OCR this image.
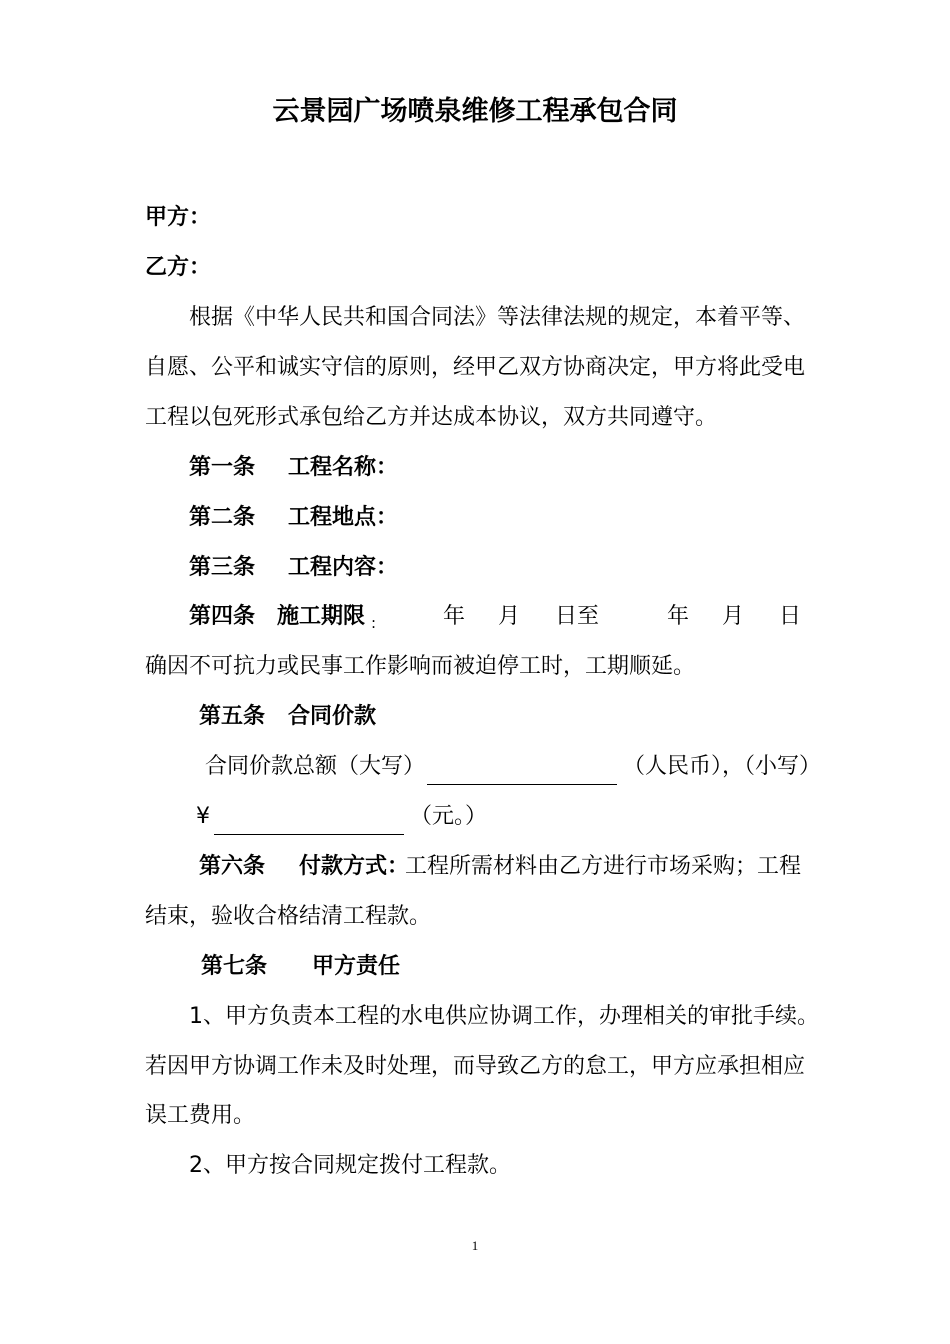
云景园广场喷泉维修工程承包合同
甲方：
乙方：
根据《中华人民共和国合同法》等法律法规的规定，本着平等、
自愿、公平和诚实守信的原则，经甲乙双方协商决定，甲方将此受电
工程以包死形式承包给乙方并达成本协议，双方共同遵守。
第一条 工程名称：
第二条 工程地点：
第三条 工程内容：
第四条 施工期限 :	年 月 日至	年 月 日
确因不可抗力或民事工作影响而被迫停工时，工期顺延。
第五条 合同价款
合同价款总额（大写）	（人民币），（小写）
¥	（元。）
第六条 付款方式：
工程所需材料由乙方进行市场采购；工程
结束，验收合格结清工程款。
第七条 甲方责任
1、甲方负责本工程的水电供应协调工作，办理相关的审批手续。
若因甲方协调工作未及时处理，而导致乙方的怠工，甲方应承担相应
误工费用。
2、甲方按合同规定拨付工程款。
1
